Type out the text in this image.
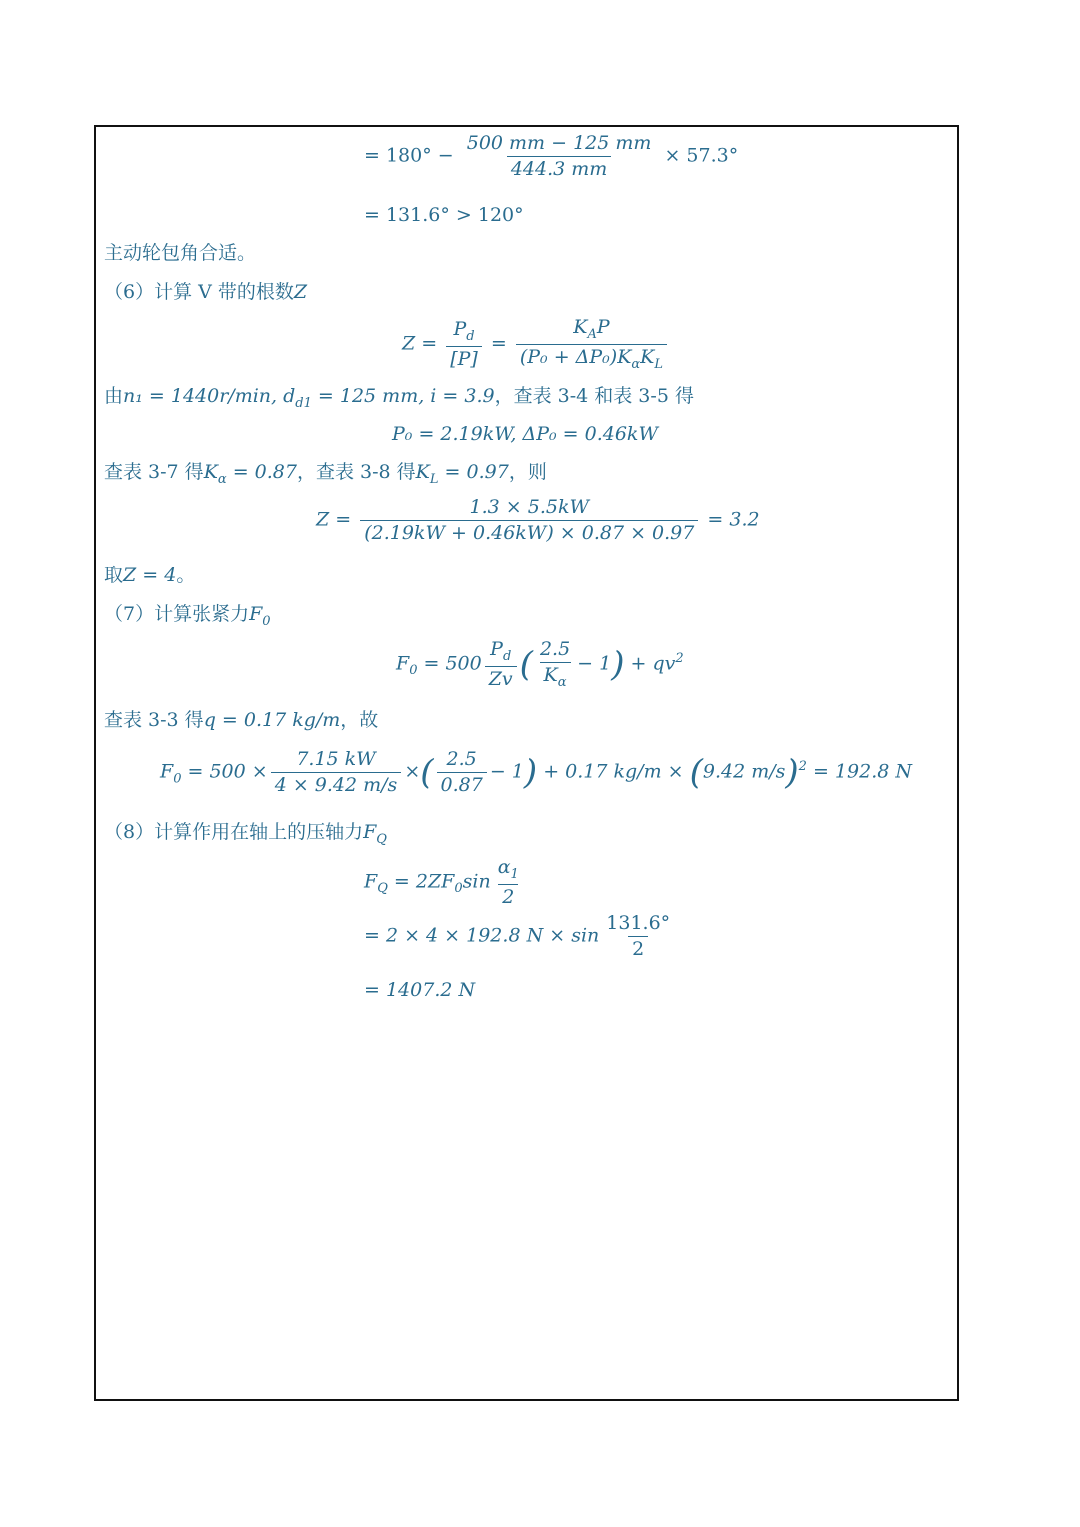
= $180^\circ - \frac{500 mm - 125 mm}{444.3 mm} \times 57.3^\circ$
= 131.6° > 120°
主动轮包角合适。
（6）计算 V 带的根数Z
$Z = \frac{P_d}{[P]} = \frac{K_AP}{(P_0 + \Delta P_0)K_\alpha K_L}$
由n₁ = 1440r/min, $d_{d1} = 125$ mm, i = 3.9，查表 3-4 和表 3-5 得
P₀ = 2.19kW, ΔP₀ = 0.46kW
查表 3-7 得$K_\alpha = 0.87$，查表 3-8 得$K_L = 0.97$，则
$Z = \frac{1.3 \times 5.5kW}{(2.19kW + 0.46kW) \times 0.87 \times 0.97} = 3.2$
取Z = 4。
（7）计算张紧力$F_0$
$F_0 = 500 \frac{P_d}{Zv}$ ( $\frac{2.5}{K_\alpha} - 1) + qv^2$
查表 3-3 得q = 0.17 kg/m，故
$F_0 = 500 \times \frac{7.15 kW}{4 \times 9.42 m/s}$ ×( $\frac{2.5}{0.87} - 1) + 0.17$ kg/m × (9.42 m/s)$^2$ = 192.8 N
（8）计算作用在轴上的压轴力$F_Q$
$F_Q = 2ZF_0\sin \frac{\alpha_1}{2}$
= 2 × 4 × 192.8 $N \times \sin \frac{131.6^\circ}{2}$
= 1407.2 N
